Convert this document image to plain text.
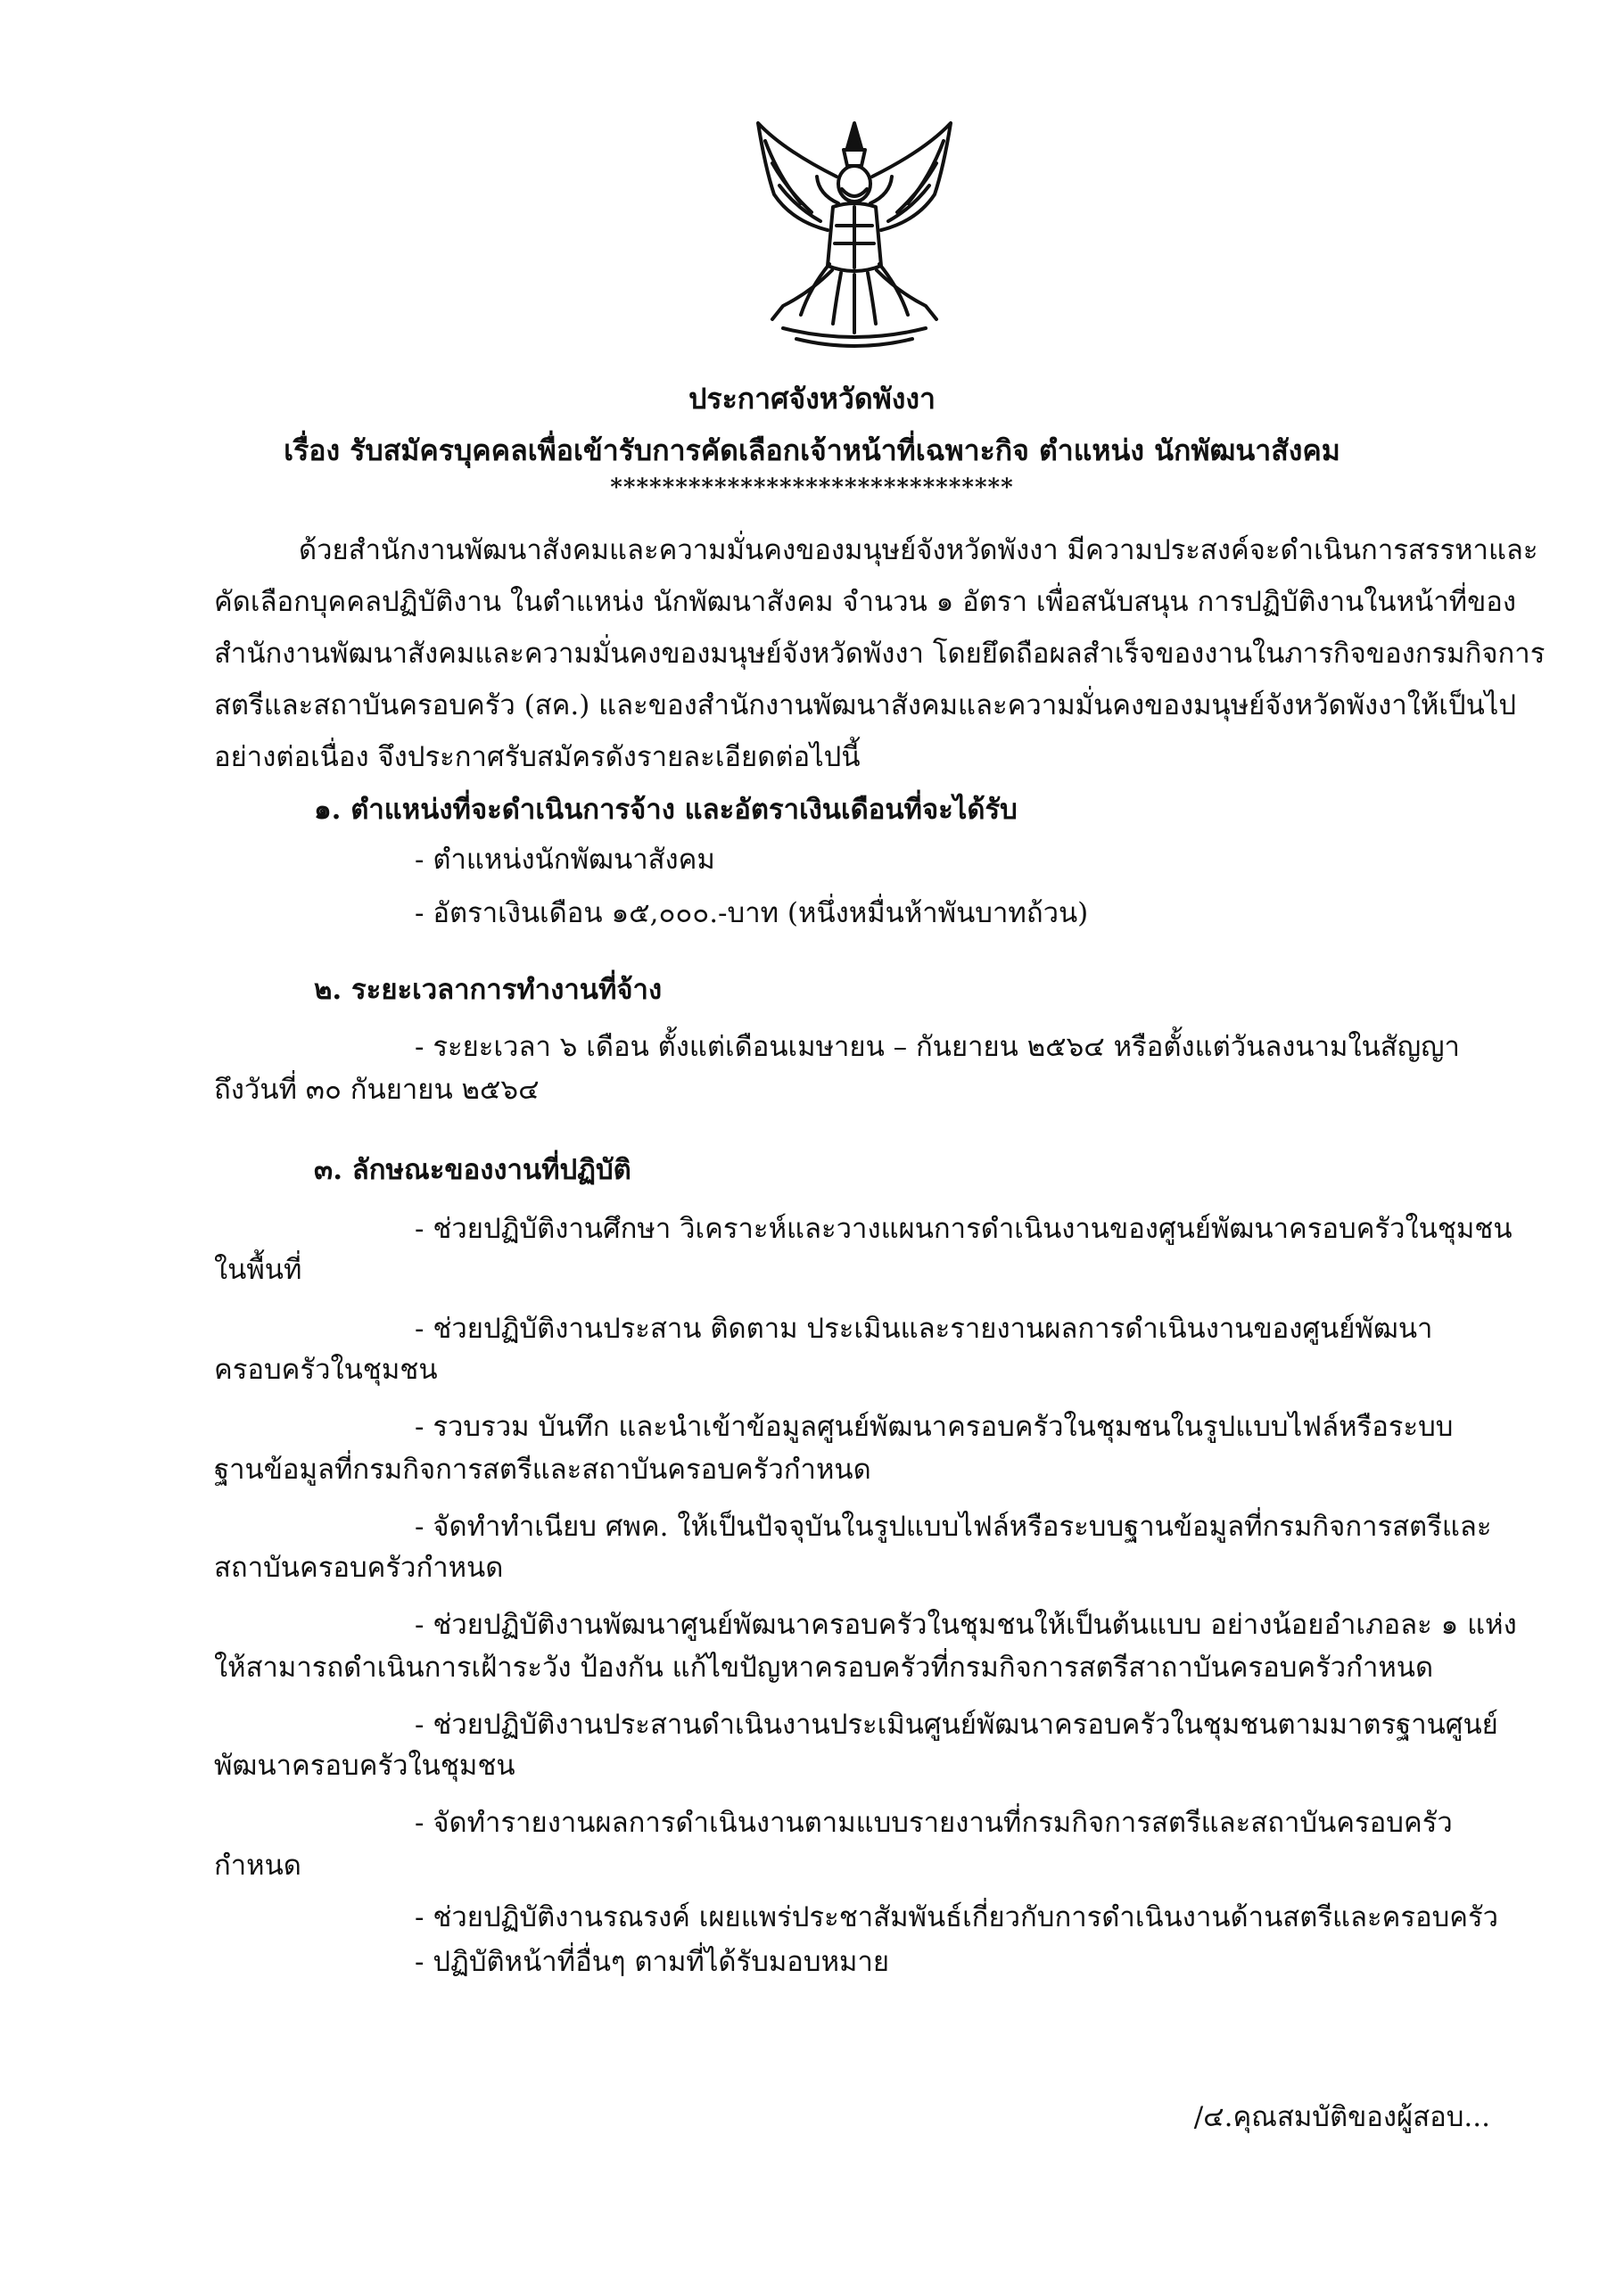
ประกาศจังหวัดพังงา
เรื่อง รับสมัครบุคคลเพื่อเข้ารับการคัดเลือกเจ้าหน้าที่เฉพาะกิจ ตำแหน่ง นักพัฒนาสังคม
*******************************
ด้วยสำนักงานพัฒนาสังคมและความมั่นคงของมนุษย์จังหวัดพังงา มีความประสงค์จะดำเนินการสรรหาและ
คัดเลือกบุคคลปฏิบัติงาน ในตำแหน่ง นักพัฒนาสังคม จำนวน ๑ อัตรา เพื่อสนับสนุน การปฏิบัติงานในหน้าที่ของ
สำนักงานพัฒนาสังคมและความมั่นคงของมนุษย์จังหวัดพังงา โดยยึดถือผลสำเร็จของงานในภารกิจของกรมกิจการ
สตรีและสถาบันครอบครัว (สค.) และของสำนักงานพัฒนาสังคมและความมั่นคงของมนุษย์จังหวัดพังงาให้เป็นไป
อย่างต่อเนื่อง จึงประกาศรับสมัครดังรายละเอียดต่อไปนี้
๑. ตำแหน่งที่จะดำเนินการจ้าง และอัตราเงินเดือนที่จะได้รับ
- ตำแหน่งนักพัฒนาสังคม
- อัตราเงินเดือน ๑๕,๐๐๐.-บาท (หนึ่งหมื่นห้าพันบาทถ้วน)
๒. ระยะเวลาการทำงานที่จ้าง
- ระยะเวลา ๖ เดือน ตั้งแต่เดือนเมษายน – กันยายน ๒๕๖๔ หรือตั้งแต่วันลงนามในสัญญา
ถึงวันที่ ๓๐ กันยายน ๒๕๖๔
๓. ลักษณะของงานที่ปฏิบัติ
- ช่วยปฏิบัติงานศึกษา วิเคราะห์และวางแผนการดำเนินงานของศูนย์พัฒนาครอบครัวในชุมชน
ในพื้นที่
- ช่วยปฏิบัติงานประสาน ติดตาม ประเมินและรายงานผลการดำเนินงานของศูนย์พัฒนา
ครอบครัวในชุมชน
- รวบรวม บันทึก และนำเข้าข้อมูลศูนย์พัฒนาครอบครัวในชุมชนในรูปแบบไฟล์หรือระบบ
ฐานข้อมูลที่กรมกิจการสตรีและสถาบันครอบครัวกำหนด
- จัดทำทำเนียบ ศพค. ให้เป็นปัจจุบันในรูปแบบไฟล์หรือระบบฐานข้อมูลที่กรมกิจการสตรีและ
สถาบันครอบครัวกำหนด
- ช่วยปฏิบัติงานพัฒนาศูนย์พัฒนาครอบครัวในชุมชนให้เป็นต้นแบบ อย่างน้อยอำเภอละ ๑ แห่ง
ให้สามารถดำเนินการเฝ้าระวัง ป้องกัน แก้ไขปัญหาครอบครัวที่กรมกิจการสตรีสาถาบันครอบครัวกำหนด
- ช่วยปฏิบัติงานประสานดำเนินงานประเมินศูนย์พัฒนาครอบครัวในชุมชนตามมาตรฐานศูนย์
พัฒนาครอบครัวในชุมชน
- จัดทำรายงานผลการดำเนินงานตามแบบรายงานที่กรมกิจการสตรีและสถาบันครอบครัว
กำหนด
- ช่วยปฏิบัติงานรณรงค์ เผยแพร่ประชาสัมพันธ์เกี่ยวกับการดำเนินงานด้านสตรีและครอบครัว
- ปฏิบัติหน้าที่อื่นๆ ตามที่ได้รับมอบหมาย
/๔.คุณสมบัติของผู้สอบ...
